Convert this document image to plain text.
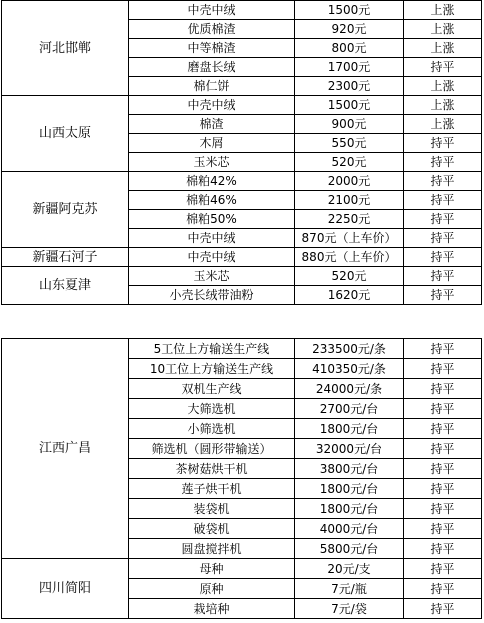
河北邯郸	中壳中绒	1500元	上涨
	优质棉渣	920元	上涨
	中等棉渣	800元	上涨
	磨盘长绒	1700元	持平
	棉仁饼	2300元	上涨
山西太原	中壳中绒	1500元	上涨
	棉渣	900元	上涨
	木屑	550元	持平
	玉米芯	520元	持平
新疆阿克苏	棉粕42%	2000元	持平
	棉粕46%	2100元	持平
	棉粕50%	2250元	持平
	中壳中绒	870元（上车价）	持平
新疆石河子	中壳中绒	880元（上车价）	持平
山东夏津	玉米芯	520元	持平
	小壳长绒带油粉	1620元	持平
江西广昌	5工位上方输送生产线	233500元/条	持平
	10工位上方输送生产线	410350元/条	持平
	双机生产线	24000元/条	持平
	大筛选机	2700元/台	持平
	小筛选机	1800元/台	持平
	筛选机（圆形带输送）	32000元/台	持平
	茶树菇烘干机	3800元/台	持平
	莲子烘干机	1800元/台	持平
	装袋机	1800元/台	持平
	破袋机	4000元/台	持平
	圆盘搅拌机	5800元/台	持平
四川简阳	母种	20元/支	持平
	原种	7元/瓶	持平
	栽培种	7元/袋	持平
